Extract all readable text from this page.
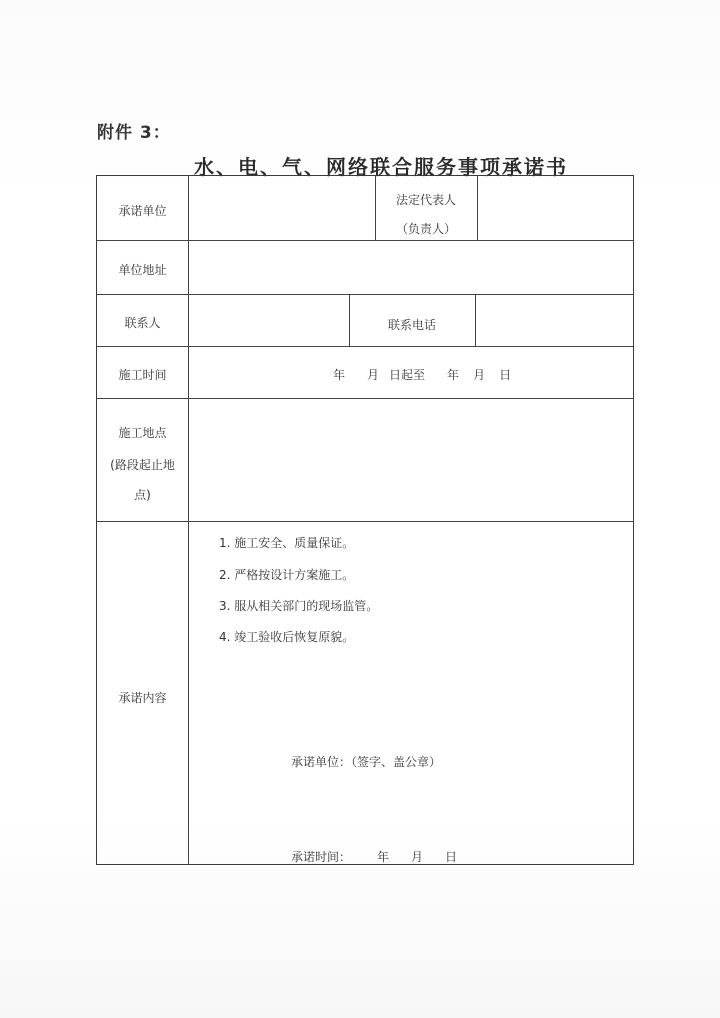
附件 3：
水、电、气、网络联合服务事项承诺书
承诺单位
法定代表人
（负责人）
单位地址
联系人	联系电话
施工时间	年 月 日起至 年 月 日
施工地点
(路段起止地
点)
承诺内容
1. 施工安全、质量保证。
2. 严格按设计方案施工。
3. 服从相关部门的现场监管。
4. 竣工验收后恢复原貌。
承诺单位：（签字、盖公章）
承诺时间： 年 月 日
